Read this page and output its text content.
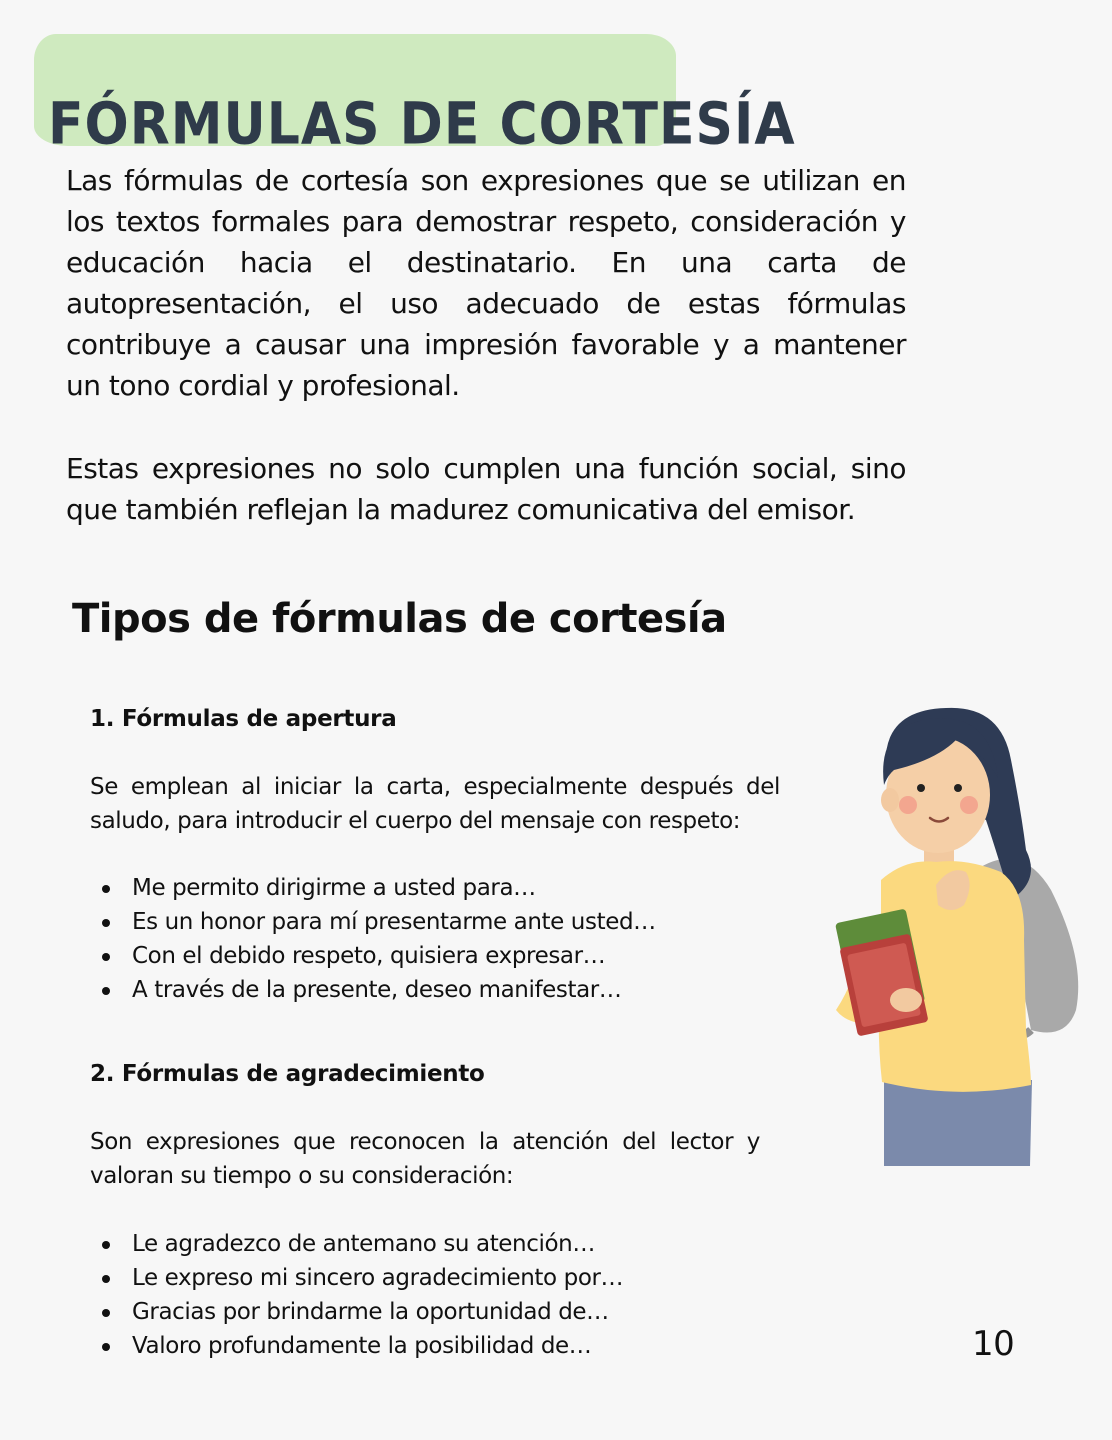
FÓRMULAS DE CORTESÍA

Las fórmulas de cortesía son expresiones que se utilizan en los textos formales para demostrar respeto, consideración y educación hacia el destinatario. En una carta de autopresentación, el uso adecuado de estas fórmulas contribuye a causar una impresión favorable y a mantener un tono cordial y profesional.

Estas expresiones no solo cumplen una función social, sino que también reflejan la madurez comunicativa del emisor.

Tipos de fórmulas de cortesía
1. Fórmulas de apertura

Se emplean al iniciar la carta, especialmente después del saludo, para introducir el cuerpo del mensaje con respeto:

Me permito dirigirme a usted para…
Es un honor para mí presentarme ante usted…
Con el debido respeto, quisiera expresar…
A través de la presente, deseo manifestar…
2. Fórmulas de agradecimiento

Son expresiones que reconocen la atención del lector y valoran su tiempo o su consideración:

Le agradezco de antemano su atención…
Le expreso mi sincero agradecimiento por…
Gracias por brindarme la oportunidad de…
Valoro profundamente la posibilidad de…	10
